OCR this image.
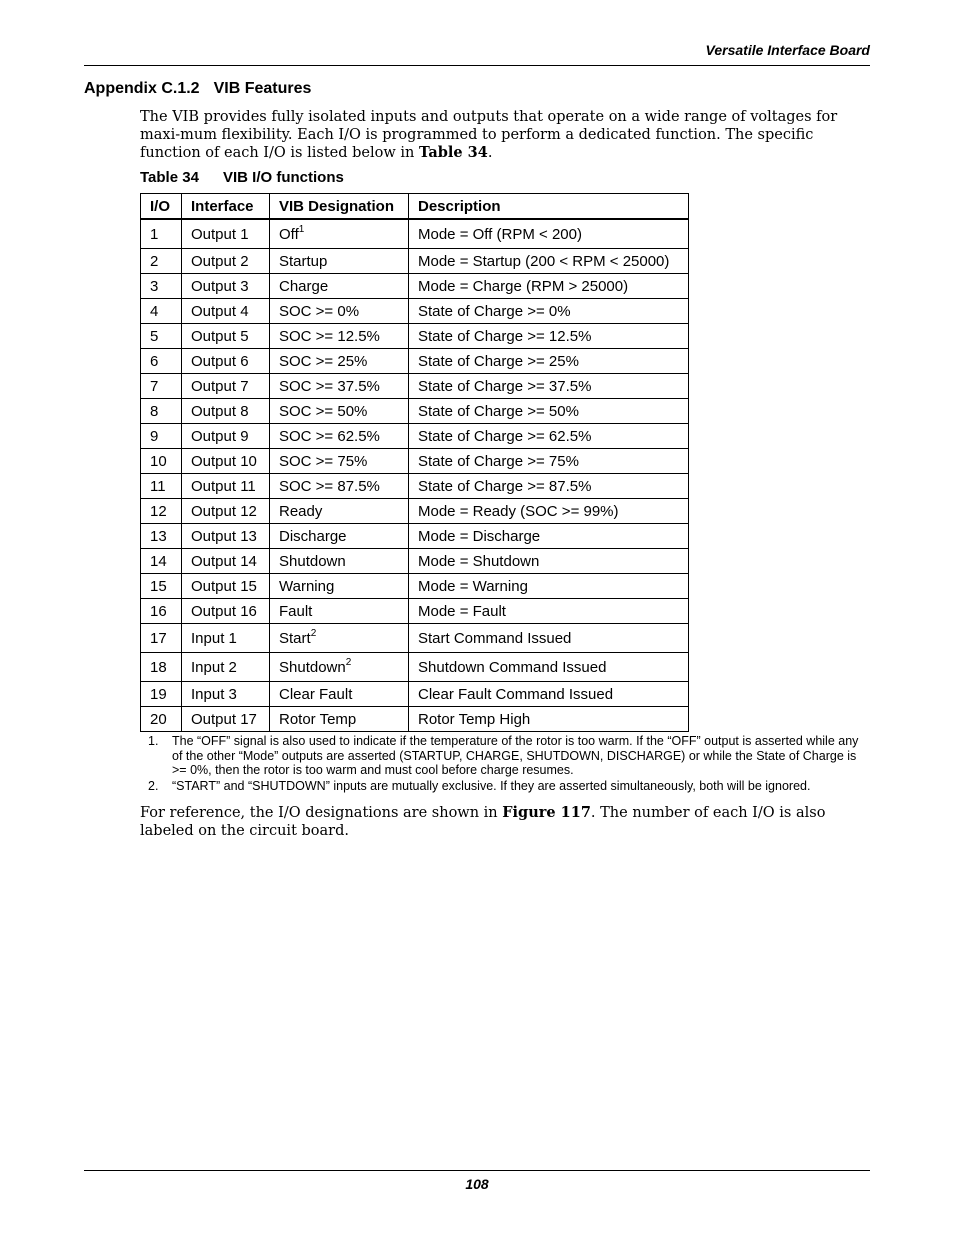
Versatile Interface Board
Appendix C.1.2 VIB Features
The VIB provides fully isolated inputs and outputs that operate on a wide range of voltages for maxi-mum flexibility. Each I/O is programmed to perform a dedicated function. The specific function of each I/O is listed below in Table 34.
Table 34 VIB I/O functions
I/O	Interface	VIB Designation	Description
1	Output 1	Off$^1$	Mode = Off (RPM < 200)
2	Output 2	Startup	Mode = Startup (200 < RPM < 25000)
3	Output 3	Charge	Mode = Charge (RPM > 25000)
4	Output 4	SOC >= 0%	State of Charge >= 0%
5	Output 5	SOC >= 12.5%	State of Charge >= 12.5%
6	Output 6	SOC >= 25%	State of Charge >= 25%
7	Output 7	SOC >= 37.5%	State of Charge >= 37.5%
8	Output 8	SOC >= 50%	State of Charge >= 50%
9	Output 9	SOC >= 62.5%	State of Charge >= 62.5%
10	Output 10	SOC >= 75%	State of Charge >= 75%
11	Output 11	SOC >= 87.5%	State of Charge >= 87.5%
12	Output 12	Ready	Mode = Ready (SOC >= 99%)
13	Output 13	Discharge	Mode = Discharge
14	Output 14	Shutdown	Mode = Shutdown
15	Output 15	Warning	Mode = Warning
16	Output 16	Fault	Mode = Fault
17	Input 1	Start$^2$	Start Command Issued
18	Input 2	Shutdown$^2$	Shutdown Command Issued
19	Input 3	Clear Fault	Clear Fault Command Issued
20	Output 17	Rotor Temp	Rotor Temp High
1.	The “OFF” signal is also used to indicate if the temperature of the rotor is too warm. If the “OFF” output is asserted while any of the other “Mode” outputs are asserted (STARTUP, CHARGE, SHUTDOWN, DISCHARGE) or while the State of Charge is >= 0%, then the rotor is too warm and must cool before charge resumes.
2.	“START” and “SHUTDOWN” inputs are mutually exclusive. If they are asserted simultaneously, both will be ignored.
For reference, the I/O designations are shown in Figure 117. The number of each I/O is also labeled on the circuit board.
108
